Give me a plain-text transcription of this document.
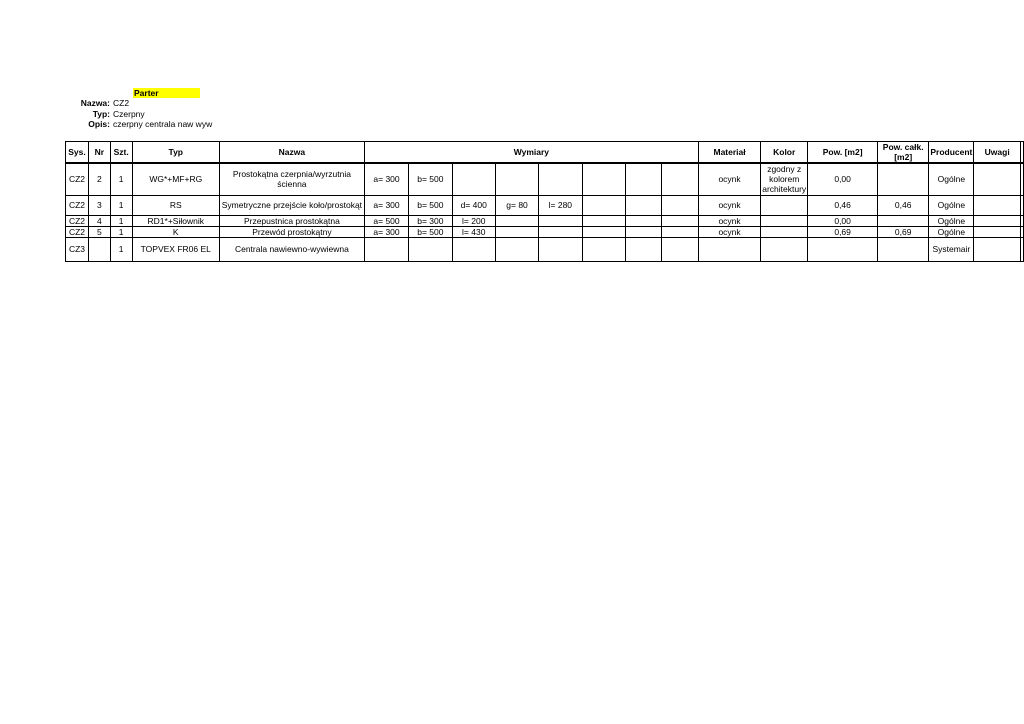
Parter
Nazwa: CZ2
Typ: Czerpny
Opis: czerpny centrala naw wyw
Sys.	Nr	Szt.	Typ	Nazwa	Wymiary								Materiał	Kolor	Pow. [m2]	Pow. całk. [m2]	Producent	Uwagi	
CZ2	2	1	WG*+MF+RG	Prostokątna czerpnia/wyrzutnia ścienna	a= 300	b= 500							ocynk	zgodny z kolorem architektury	0,00		Ogólne		
CZ2	3	1	RS	Symetryczne przejście koło/prostokąt	a= 300	b= 500	d= 400	g= 80	l= 280				ocynk		0,46	0,46	Ogólne		
CZ2	4	1	RD1*+Siłownik	Przepustnica prostokątna	a= 500	b= 300	l= 200						ocynk		0,00		Ogólne		
CZ2	5	1	K	Przewód prostokątny	a= 300	b= 500	l= 430						ocynk		0,69	0,69	Ogólne		
CZ3		1	TOPVEX FR06 EL	Centrala nawiewno-wywiewna													Systemair		
